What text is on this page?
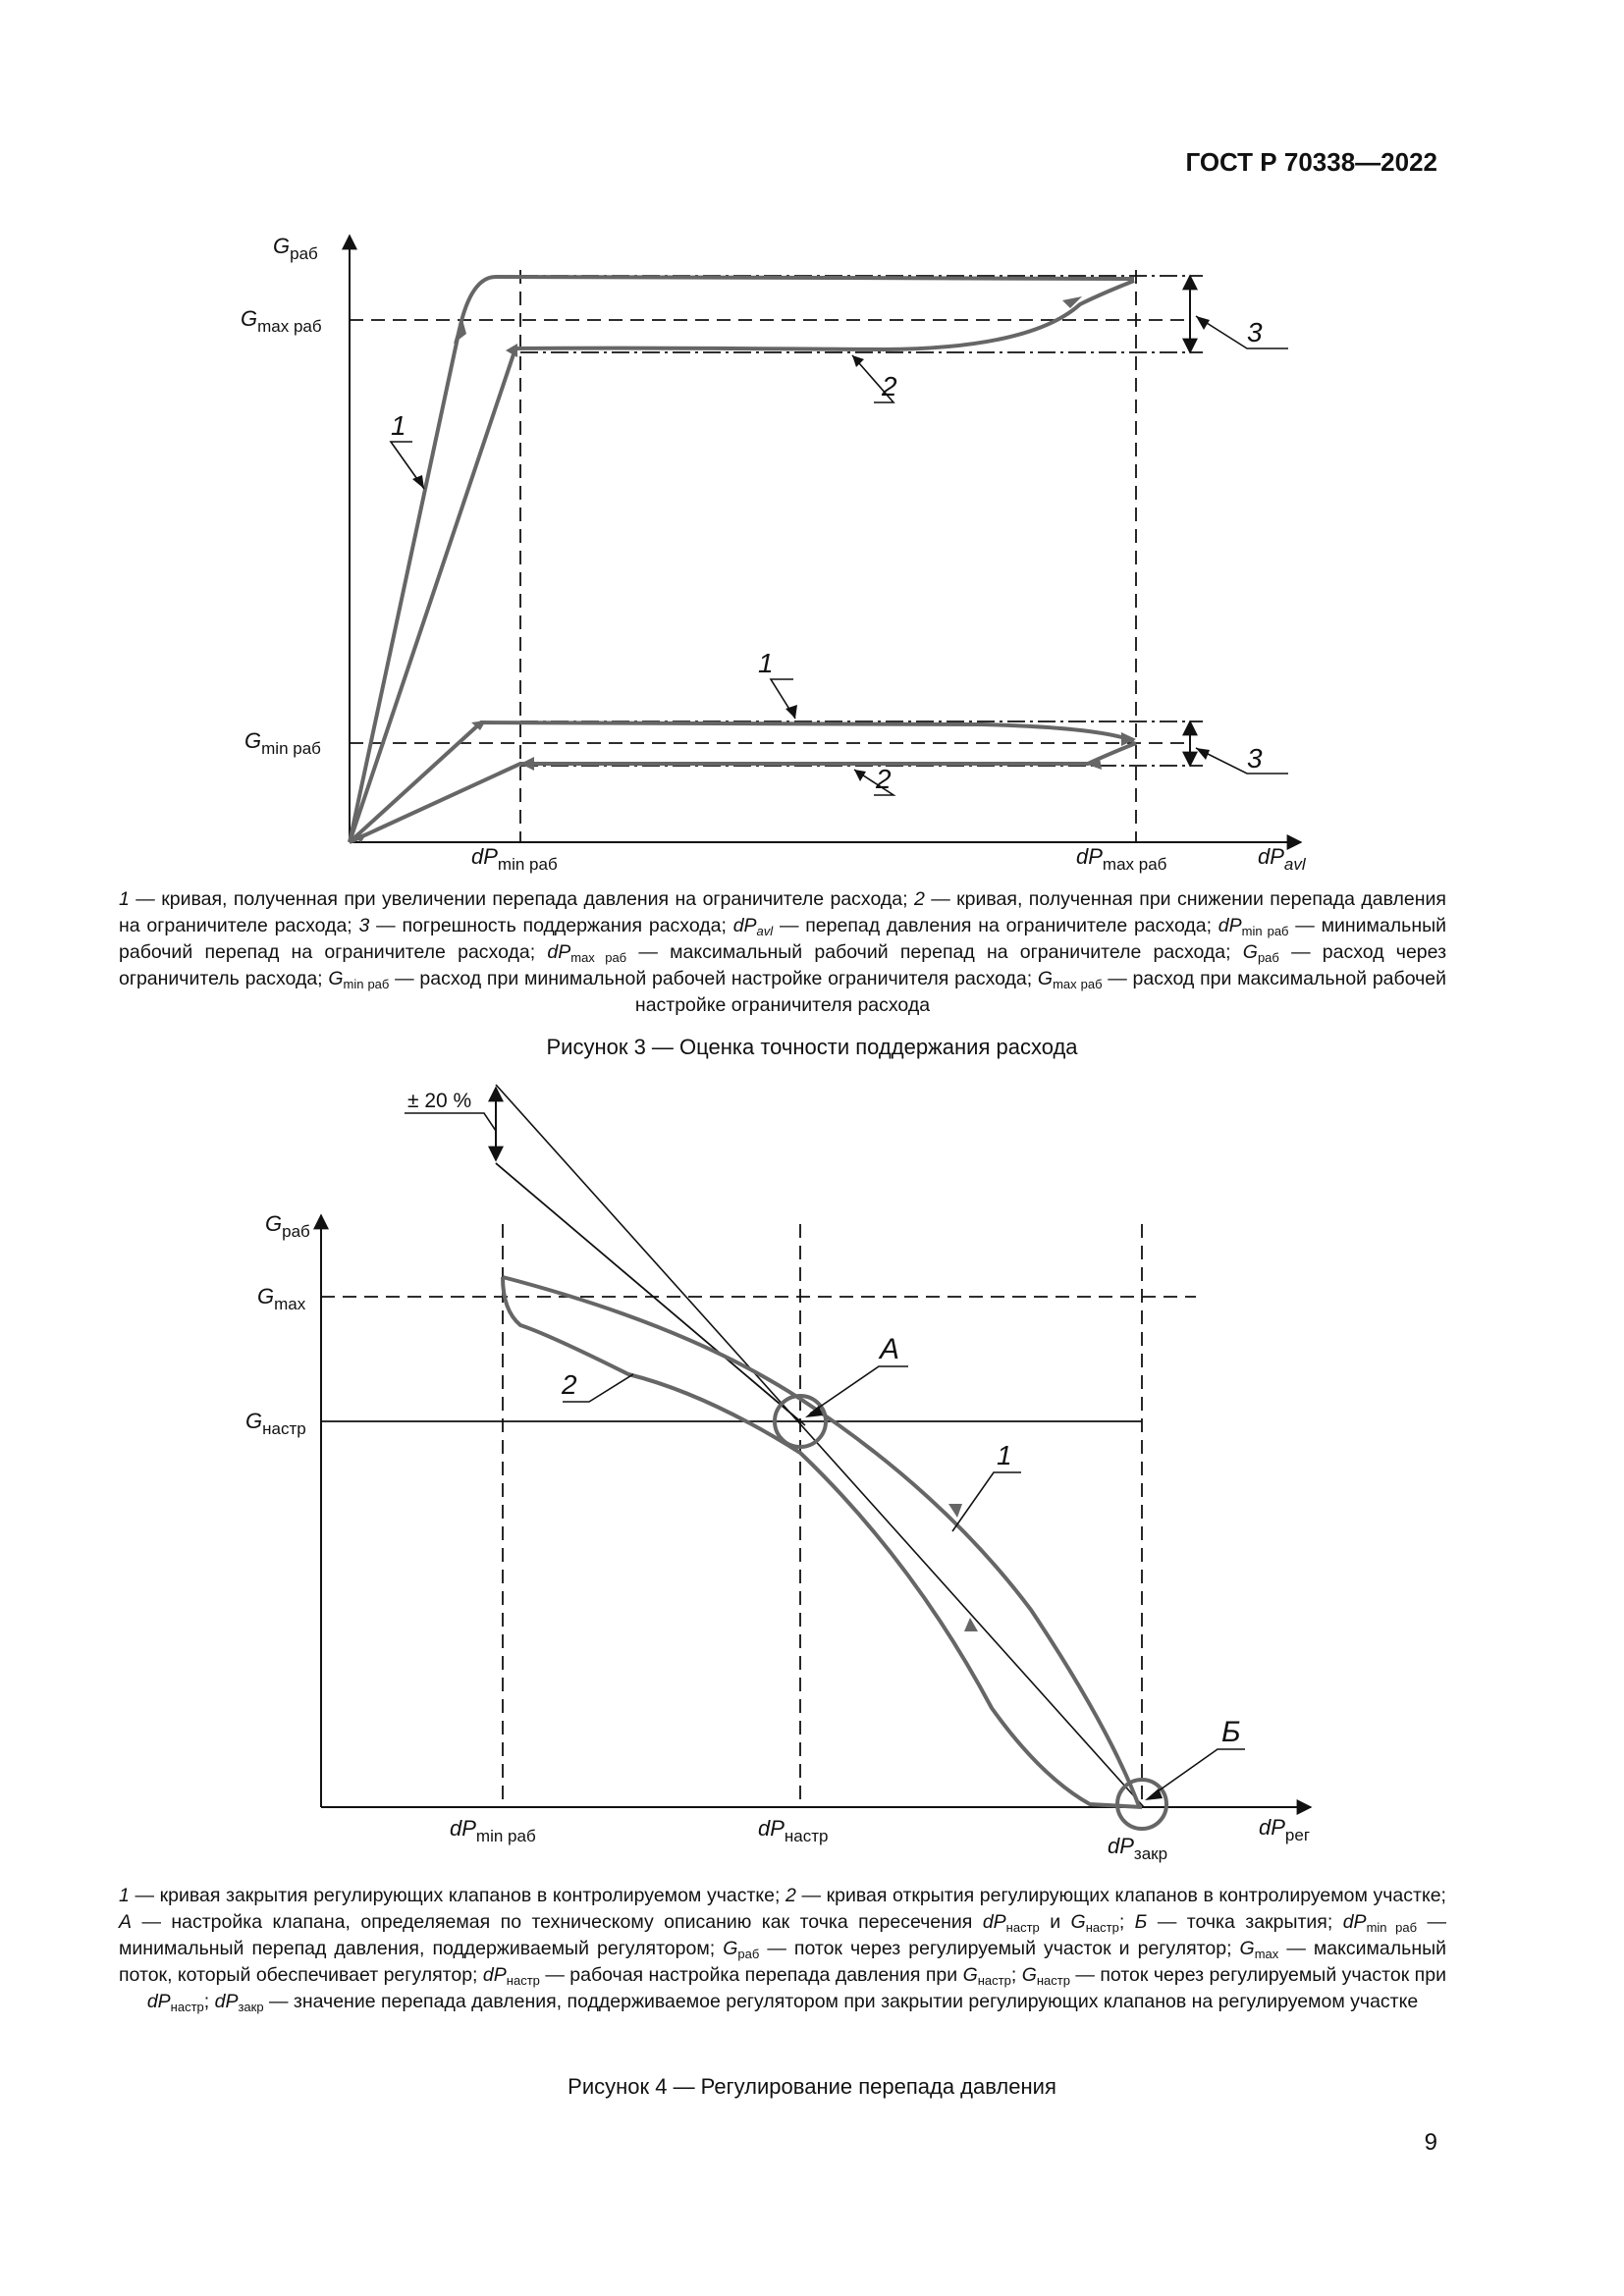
ГОСТ Р 70338—2022
$G_{раб}$
$G_{max раб}$
$G_{min раб}$
$dP_{min раб}$	$dP_{max раб}$	$dP_{avl}$
3
3
1
2
1
2
1 — кривая, полученная при увеличении перепада давления на ограничителе расхода; 2 — кривая, полученная при снижении перепада давления на ограничителе расхода; 3 — погрешность поддержания расхода; $dP_{avl}$ — перепад давления на ограничителе расхода; $dP_{min раб}$ — минимальный рабочий перепад на ограничителе расхода; $dP_{max раб}$ — максимальный рабочий перепад на ограничителе расхода; $G_{раб}$ — расход через ограничитель расхода; $G_{min раб}$ — расход при минимальной рабочей настройке ограничителя расхода; $G_{max раб}$ — расход при максимальной рабочей настройке ограничителя расхода
Рисунок 3 — Оценка точности поддержания расхода
$G_{раб}$
$G_{max}$
$G_{настр}$
$dP_{min раб}$	$dP_{настр}$	$dP_{закр}$
$dP_{рег}$
± 20 %
А
Б
1
2
1 — кривая закрытия регулирующих клапанов в контролируемом участке; 2 — кривая открытия регулирующих клапанов в контролируемом участке; А — настройка клапана, определяемая по техническому описанию как точка пересечения $dP_{настр}$ и $G_{настр}$; Б — точка закрытия; $dP_{min раб}$ — минимальный перепад давления, поддерживаемый регулятором; $G_{раб}$ — поток через регулируемый участок и регулятор; $G_{max}$ — максимальный поток, который обеспечивает регулятор; $dP_{настр}$ — рабочая настройка перепада давления при $G_{настр}$; $G_{настр}$ — поток через регулируемый участок при $dP_{настр}$; $dP_{закр}$ — значение перепада давления, поддерживаемое регулятором при закрытии регулирующих клапанов на регулируемом участке
Рисунок 4 — Регулирование перепада давления
9
